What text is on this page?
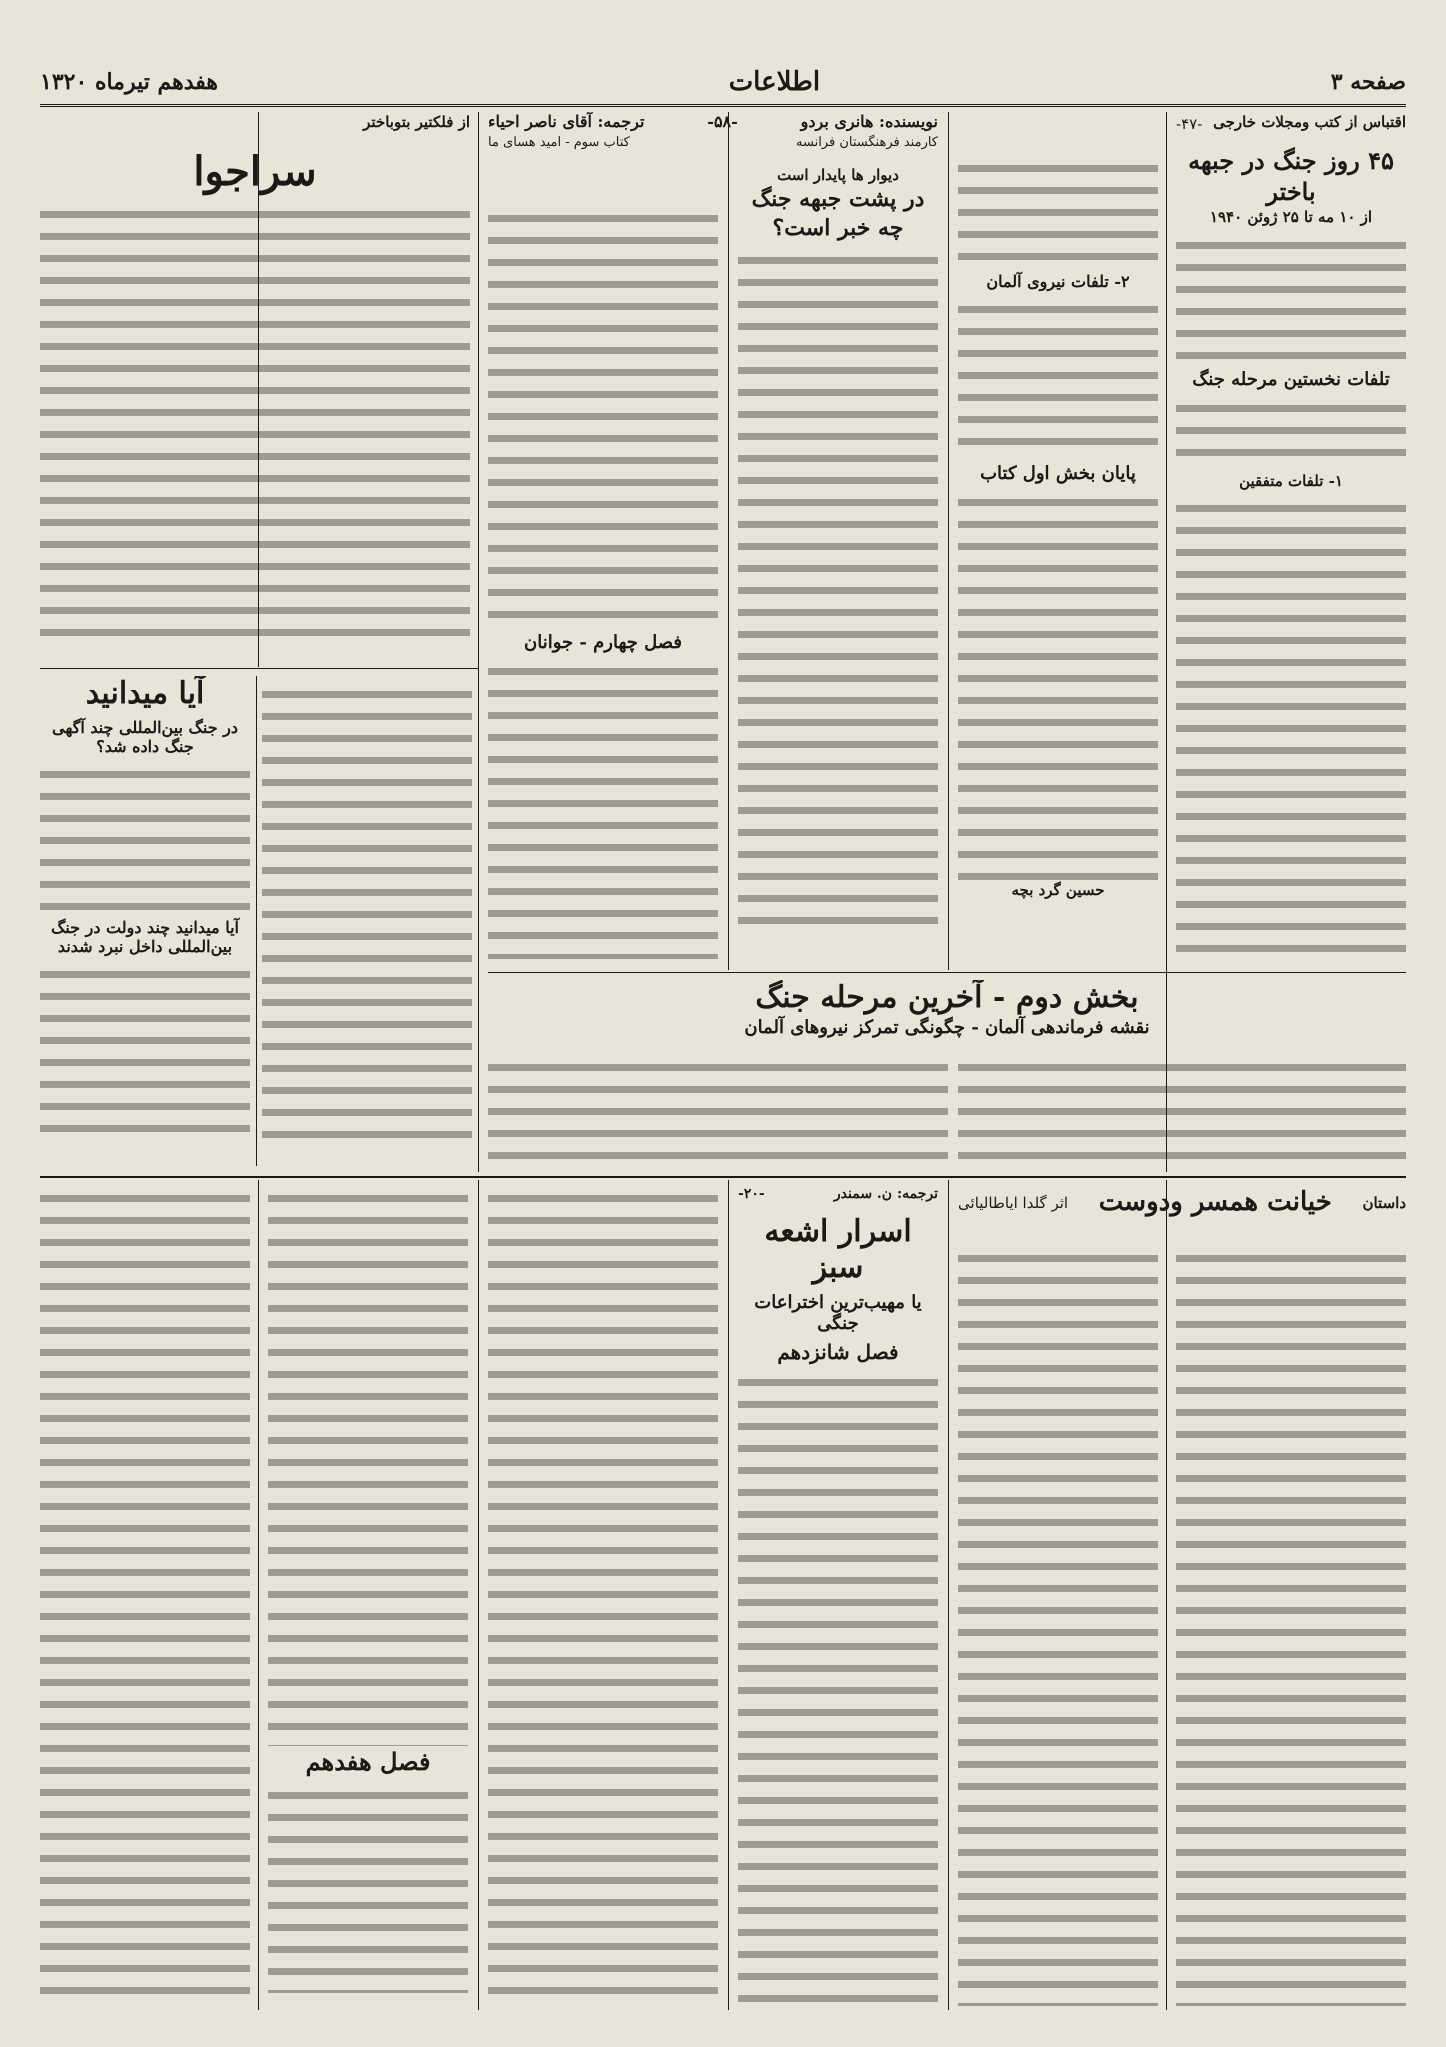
صفحه ۳
اطلاعات
هفدهم تیرماه ۱۳۲۰
اقتباس از کتب ومجلات خارجی
-۴۷-
۴۵ روز جنگ در جبهه باختر
از ۱۰ مه تا ۲۵ ژوئن ۱۹۴۰
تلفات نخستین مرحله جنگ
۱- تلفات متفقین
۲- تلفات نیروی آلمان
پایان بخش اول کتاب
حسین گرد بچه
نویسنده: هانری بردو
-۵۸-
ترجمه: آقای ناصر احیاء
کارمند فرهنگستان فرانسه
کتاب سوم - امید هسای ما
دیوار ها پایدار است
در پشت جبهه جنگ چه خبر است؟
فصل چهارم - جوانان
از فلکتیر بتوباختر
سراجوا
آیا میدانید
در جنگ بین‌المللی چند آگهی جنگ داده شد؟
آیا میدانید چند دولت در جنگ بین‌المللی داخل نبرد شدند
بخش دوم - آخرین مرحله جنگ
نقشه فرماندهی آلمان - چگونگی تمرکز نیروهای آلمان
داستان
خیانت همسر ودوست
اثر گلدا ایاطالیائی
ترجمه: ن. سمندر
-۲۰-
اسرار اشعه سبز
یا مهیب‌ترین اختراعات جنگی
فصل شانزدهم
فصل هفدهم
